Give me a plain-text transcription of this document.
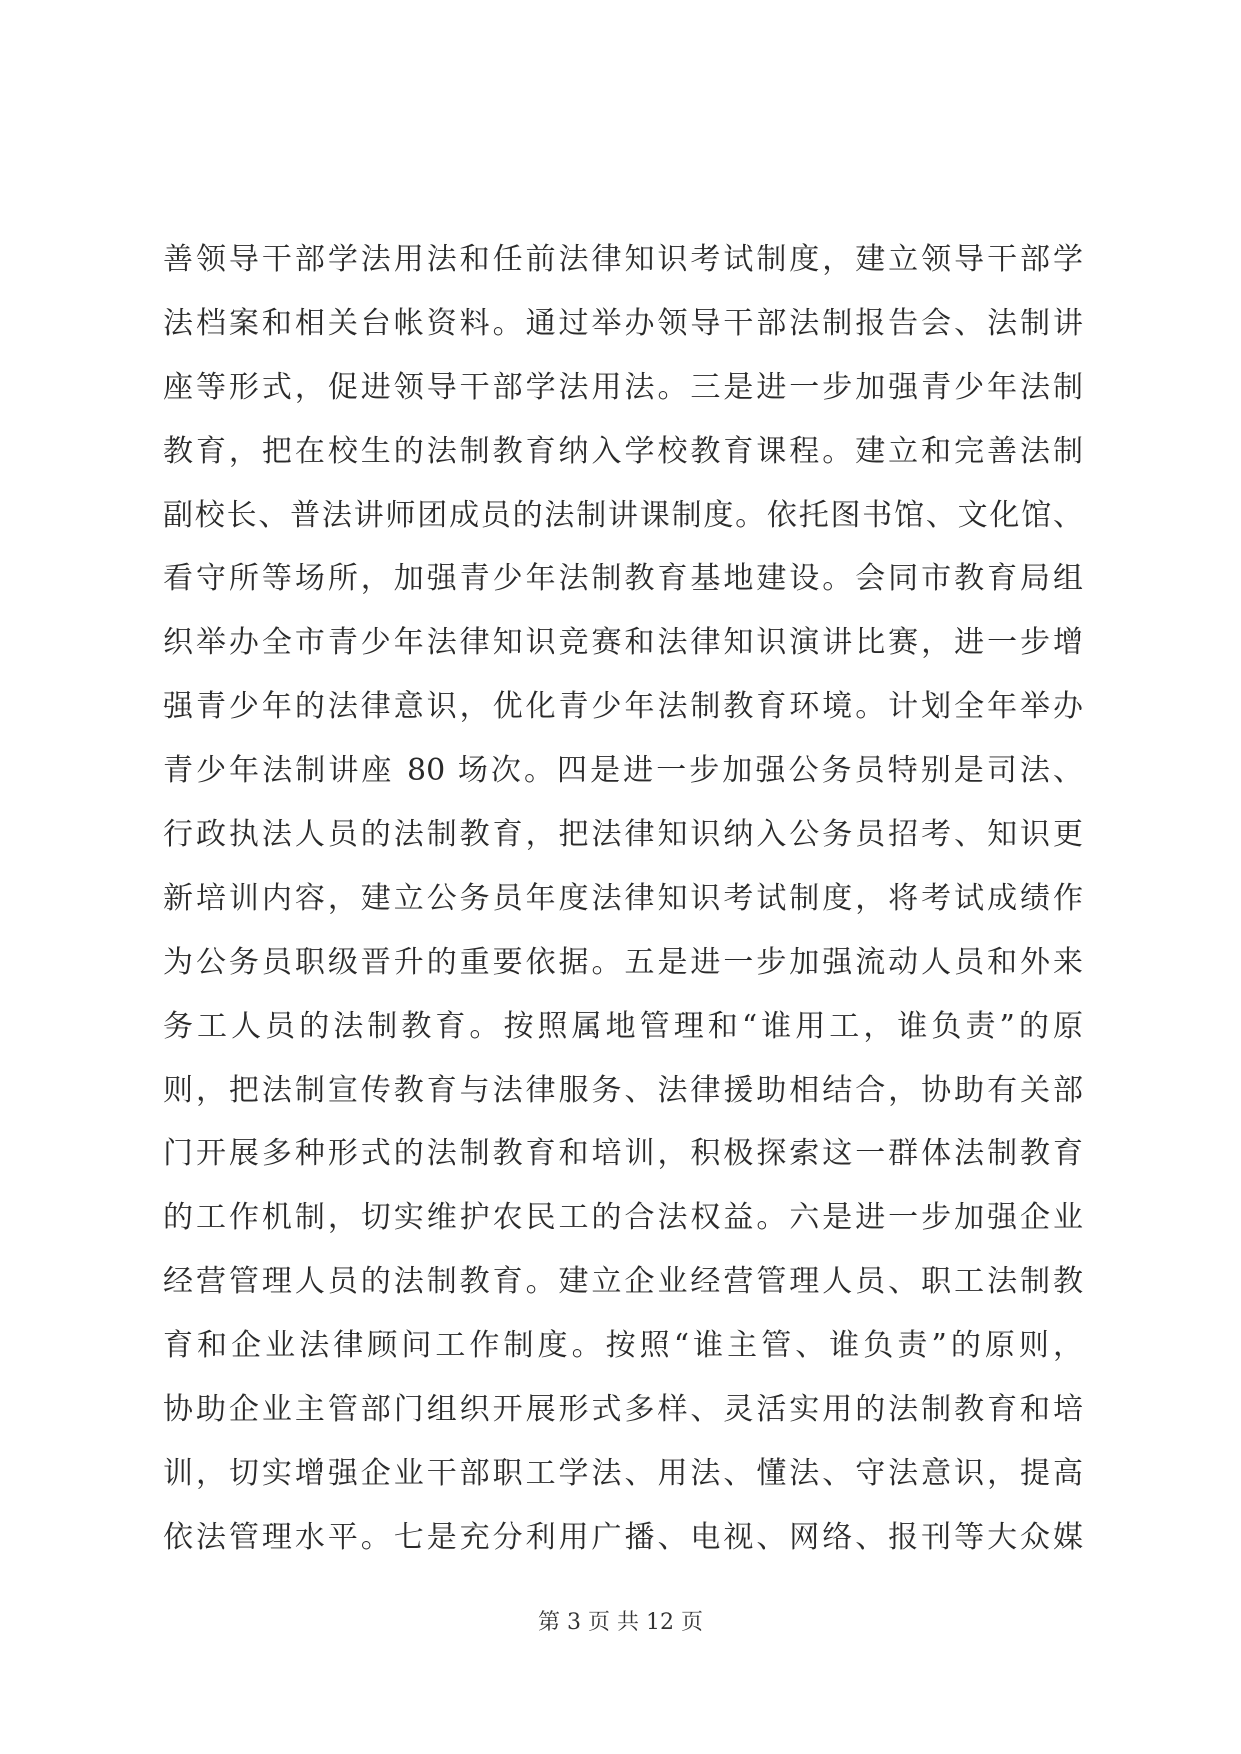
善领导干部学法用法和任前法律知识考试制度，建立领导干部学
法档案和相关台帐资料。通过举办领导干部法制报告会、法制讲
座等形式，促进领导干部学法用法。三是进一步加强青少年法制
教育，把在校生的法制教育纳入学校教育课程。建立和完善法制
副校长、普法讲师团成员的法制讲课制度。依托图书馆、文化馆、
看守所等场所，加强青少年法制教育基地建设。会同市教育局组
织举办全市青少年法律知识竞赛和法律知识演讲比赛，进一步增
强青少年的法律意识，优化青少年法制教育环境。计划全年举办
青少年法制讲座 80 场次。四是进一步加强公务员特别是司法、
行政执法人员的法制教育，把法律知识纳入公务员招考、知识更
新培训内容，建立公务员年度法律知识考试制度，将考试成绩作
为公务员职级晋升的重要依据。五是进一步加强流动人员和外来
务工人员的法制教育。按照属地管理和“谁用工，谁负责”的原
则，把法制宣传教育与法律服务、法律援助相结合，协助有关部
门开展多种形式的法制教育和培训，积极探索这一群体法制教育
的工作机制，切实维护农民工的合法权益。六是进一步加强企业
经营管理人员的法制教育。建立企业经营管理人员、职工法制教
育和企业法律顾问工作制度。按照“谁主管、谁负责”的原则，
协助企业主管部门组织开展形式多样、灵活实用的法制教育和培
训，切实增强企业干部职工学法、用法、懂法、守法意识，提高
依法管理水平。七是充分利用广播、电视、网络、报刊等大众媒
第 3 页 共 12 页
